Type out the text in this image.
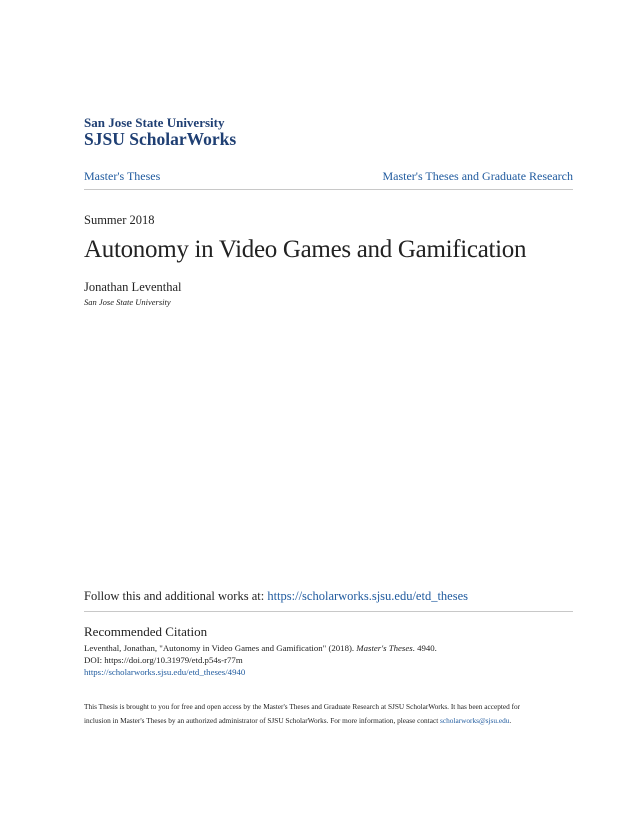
San Jose State University
SJSU ScholarWorks
Master's Theses	Master's Theses and Graduate Research
Summer 2018
Autonomy in Video Games and Gamification
Jonathan Leventhal
San Jose State University
Follow this and additional works at: https://scholarworks.sjsu.edu/etd_theses
Recommended Citation
Leventhal, Jonathan, "Autonomy in Video Games and Gamification" (2018). Master's Theses. 4940.
DOI: https://doi.org/10.31979/etd.p54s-r77m
https://scholarworks.sjsu.edu/etd_theses/4940
This Thesis is brought to you for free and open access by the Master's Theses and Graduate Research at SJSU ScholarWorks. It has been accepted for
inclusion in Master's Theses by an authorized administrator of SJSU ScholarWorks. For more information, please contact scholarworks@sjsu.edu.
